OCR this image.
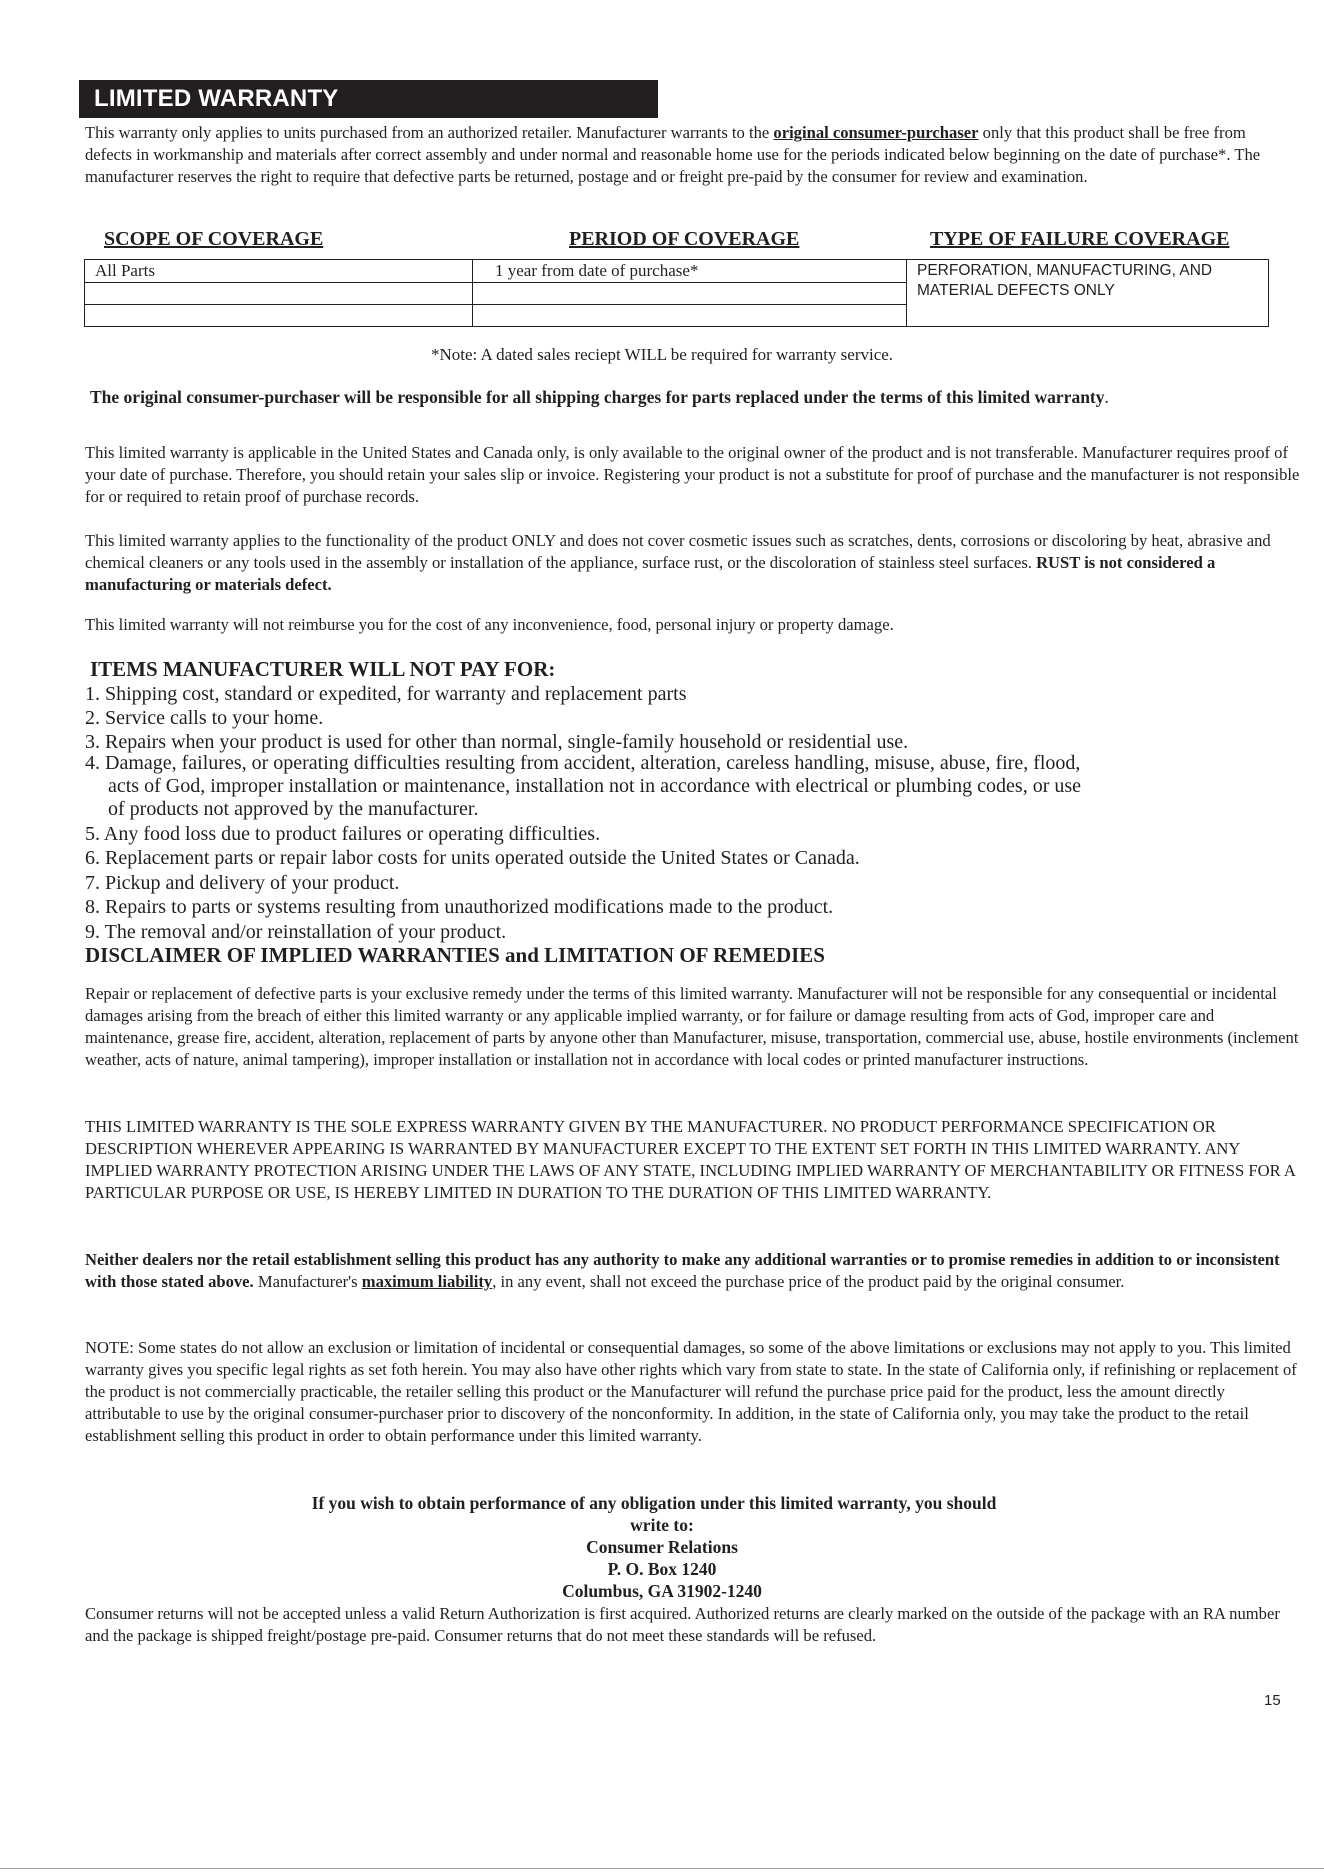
LIMITED WARRANTY

This warranty only applies to units purchased from an authorized retailer. Manufacturer warrants to the original consumer-purchaser only that this product shall be free from defects in workmanship and materials after correct assembly and under normal and reasonable home use for the periods indicated below beginning on the date of purchase*. The manufacturer reserves the right to require that defective parts be returned, postage and or freight pre-paid by the consumer for review and examination.

SCOPE OF COVERAGE	PERIOD OF COVERAGE	TYPE OF FAILURE COVERAGE
All Parts	1 year from date of purchase*	PERFORATION, MANUFACTURING, AND MATERIAL DEFECTS ONLY

*Note: A dated sales reciept WILL be required for warranty service.

The original consumer-purchaser will be responsible for all shipping charges for parts replaced under the terms of this limited warranty.

This limited warranty is applicable in the United States and Canada only, is only available to the original owner of the product and is not transferable. Manufacturer requires proof of your date of purchase. Therefore, you should retain your sales slip or invoice. Registering your product is not a substitute for proof of purchase and the manufacturer is not responsible for or required to retain proof of purchase records.

This limited warranty applies to the functionality of the product ONLY and does not cover cosmetic issues such as scratches, dents, corrosions or discoloring by heat, abrasive and chemical cleaners or any tools used in the assembly or installation of the appliance, surface rust, or the discoloration of stainless steel surfaces. RUST is not considered a manufacturing or materials defect.

This limited warranty will not reimburse you for the cost of any inconvenience, food, personal injury or property damage.

ITEMS MANUFACTURER WILL NOT PAY FOR:
1. Shipping cost, standard or expedited, for warranty and replacement parts
2. Service calls to your home.
3. Repairs when your product is used for other than normal, single-family household or residential use.
4. Damage, failures, or operating difficulties resulting from accident, alteration, careless handling, misuse, abuse, fire, flood,
acts of God, improper installation or maintenance, installation not in accordance with electrical or plumbing codes, or use
of products not approved by the manufacturer.
5. Any food loss due to product failures or operating difficulties.
6. Replacement parts or repair labor costs for units operated outside the United States or Canada.
7. Pickup and delivery of your product.
8. Repairs to parts or systems resulting from unauthorized modifications made to the product.
9. The removal and/or reinstallation of your product.
DISCLAIMER OF IMPLIED WARRANTIES and LIMITATION OF REMEDIES

Repair or replacement of defective parts is your exclusive remedy under the terms of this limited warranty. Manufacturer will not be responsible for any consequential or incidental damages arising from the breach of either this limited warranty or any applicable implied warranty, or for failure or damage resulting from acts of God, improper care and maintenance, grease fire, accident, alteration, replacement of parts by anyone other than Manufacturer, misuse, transportation, commercial use, abuse, hostile environments (inclement weather, acts of nature, animal tampering), improper installation or installation not in accordance with local codes or printed manufacturer instructions.

THIS LIMITED WARRANTY IS THE SOLE EXPRESS WARRANTY GIVEN BY THE MANUFACTURER. NO PRODUCT PERFORMANCE SPECIFICATION OR DESCRIPTION WHEREVER APPEARING IS WARRANTED BY MANUFACTURER EXCEPT TO THE EXTENT SET FORTH IN THIS LIMITED WARRANTY. ANY IMPLIED WARRANTY PROTECTION ARISING UNDER THE LAWS OF ANY STATE, INCLUDING IMPLIED WARRANTY OF MERCHANTABILITY OR FITNESS FOR A PARTICULAR PURPOSE OR USE, IS HEREBY LIMITED IN DURATION TO THE DURATION OF THIS LIMITED WARRANTY.

Neither dealers nor the retail establishment selling this product has any authority to make any additional warranties or to promise remedies in addition to or inconsistent with those stated above. Manufacturer's maximum liability, in any event, shall not exceed the purchase price of the product paid by the original consumer.

NOTE: Some states do not allow an exclusion or limitation of incidental or consequential damages, so some of the above limitations or exclusions may not apply to you. This limited warranty gives you specific legal rights as set foth herein. You may also have other rights which vary from state to state. In the state of California only, if refinishing or replacement of the product is not commercially practicable, the retailer selling this product or the Manufacturer will refund the purchase price paid for the product, less the amount directly attributable to use by the original consumer-purchaser prior to discovery of the nonconformity. In addition, in the state of California only, you may take the product to the retail establishment selling this product in order to obtain performance under this limited warranty.

If you wish to obtain performance of any obligation under this limited warranty, you should
write to:
Consumer Relations
P. O. Box 1240
Columbus, GA 31902-1240

Consumer returns will not be accepted unless a valid Return Authorization is first acquired. Authorized returns are clearly marked on the outside of the package with an RA number and the package is shipped freight/postage pre-paid. Consumer returns that do not meet these standards will be refused.

15
